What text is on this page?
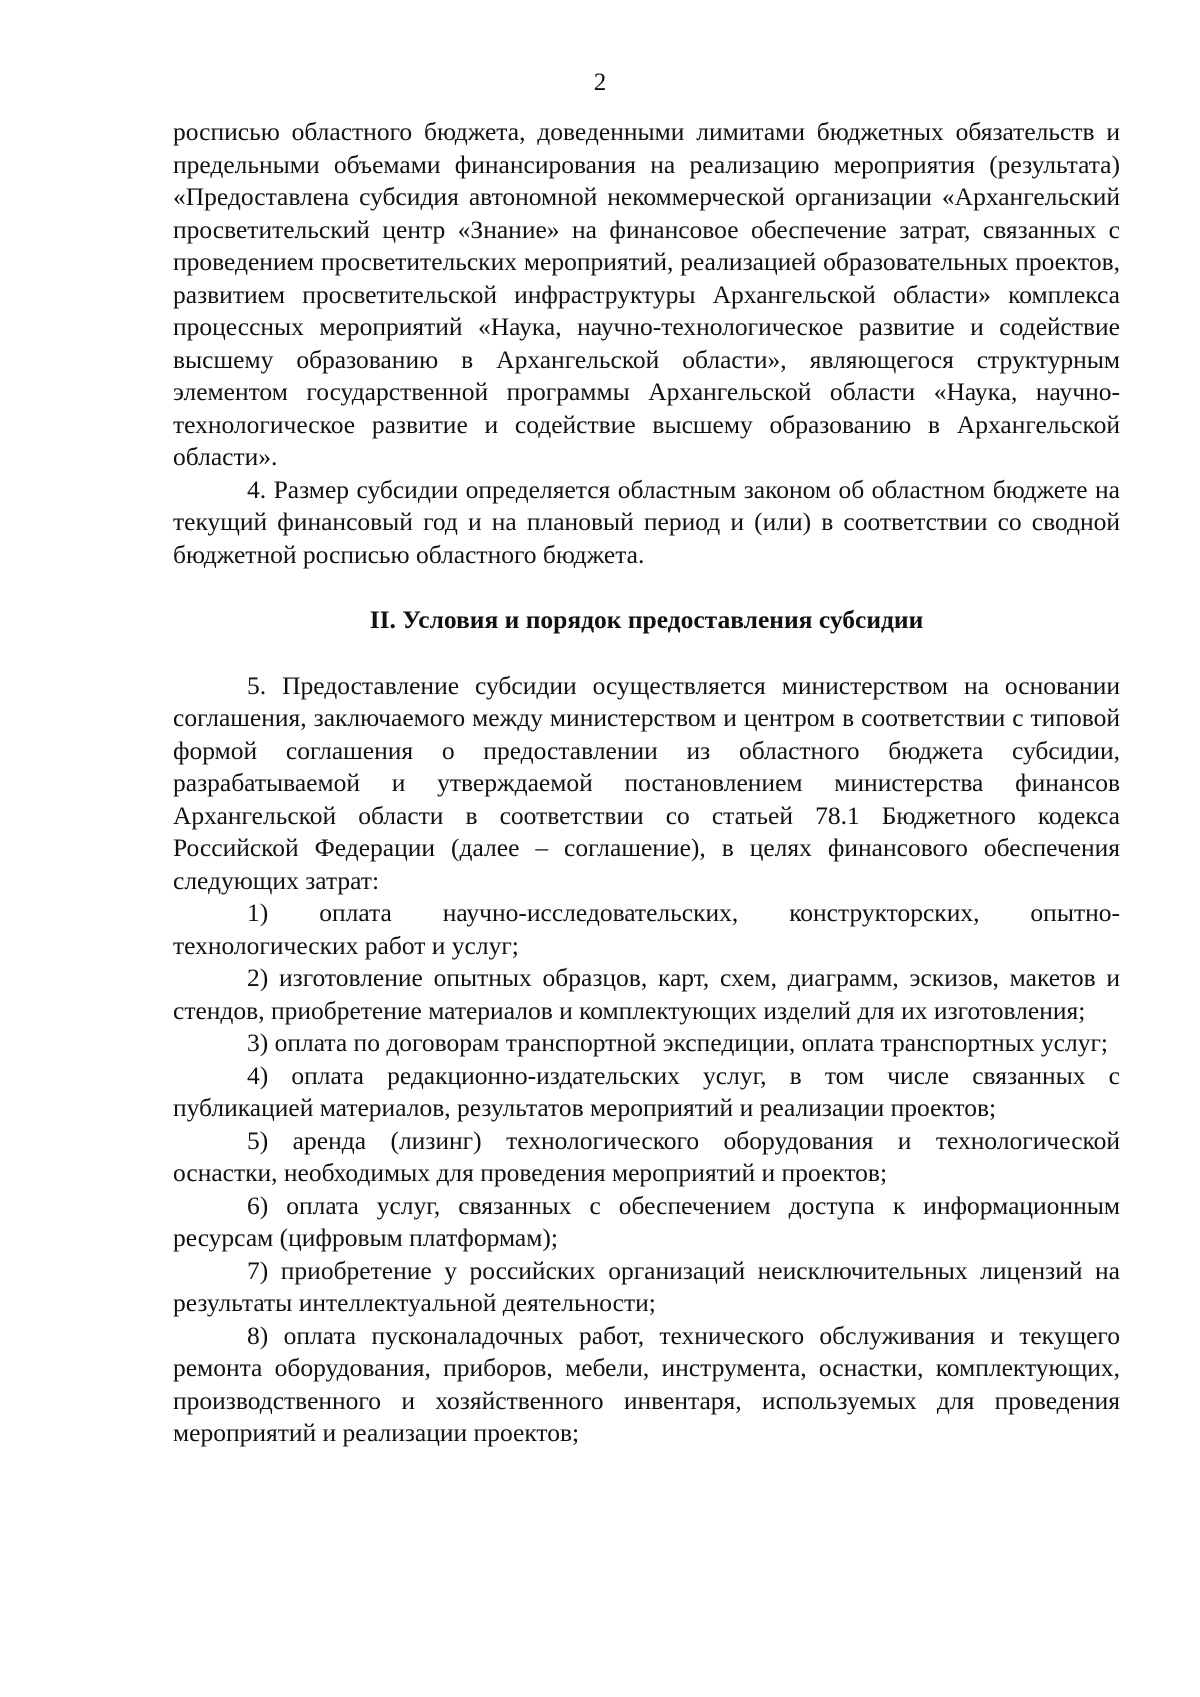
2

росписью областного бюджета, доведенными лимитами бюджетных обязательств и предельными объемами финансирования на реализацию мероприятия (результата) «Предоставлена субсидия автономной некоммерческой организации «Архангельский просветительский центр «Знание» на финансовое обеспечение затрат, связанных с проведением просветительских мероприятий, реализацией образовательных проектов, развитием просветительской инфраструктуры Архангельской области» комплекса процессных мероприятий «Наука, научно-технологическое развитие и содействие высшему образованию в Архангельской области», являющегося структурным элементом государственной программы Архангельской области «Наука, научно-технологическое развитие и содействие высшему образованию в Архангельской области».

4. Размер субсидии определяется областным законом об областном бюджете на текущий финансовый год и на плановый период и (или) в соответствии со сводной бюджетной росписью областного бюджета.

II. Условия и порядок предоставления субсидии

5. Предоставление субсидии осуществляется министерством на основании соглашения, заключаемого между министерством и центром в соответствии с типовой формой соглашения о предоставлении из областного бюджета субсидии, разрабатываемой и утверждаемой постановлением министерства финансов Архангельской области в соответствии со статьей 78.1 Бюджетного кодекса Российской Федерации (далее – соглашение), в целях финансового обеспечения следующих затрат:

1) оплата научно-исследовательских, конструкторских, опытно-технологических работ и услуг;

2) изготовление опытных образцов, карт, схем, диаграмм, эскизов, макетов и стендов, приобретение материалов и комплектующих изделий для их изготовления;

3) оплата по договорам транспортной экспедиции, оплата транспортных услуг;

4) оплата редакционно-издательских услуг, в том числе связанных с публикацией материалов, результатов мероприятий и реализации проектов;

5) аренда (лизинг) технологического оборудования и технологической оснастки, необходимых для проведения мероприятий и проектов;

6) оплата услуг, связанных с обеспечением доступа к информационным ресурсам (цифровым платформам);

7) приобретение у российских организаций неисключительных лицензий на результаты интеллектуальной деятельности;

8) оплата пусконаладочных работ, технического обслуживания и текущего ремонта оборудования, приборов, мебели, инструмента, оснастки, комплектующих, производственного и хозяйственного инвентаря, используемых для проведения мероприятий и реализации проектов;
